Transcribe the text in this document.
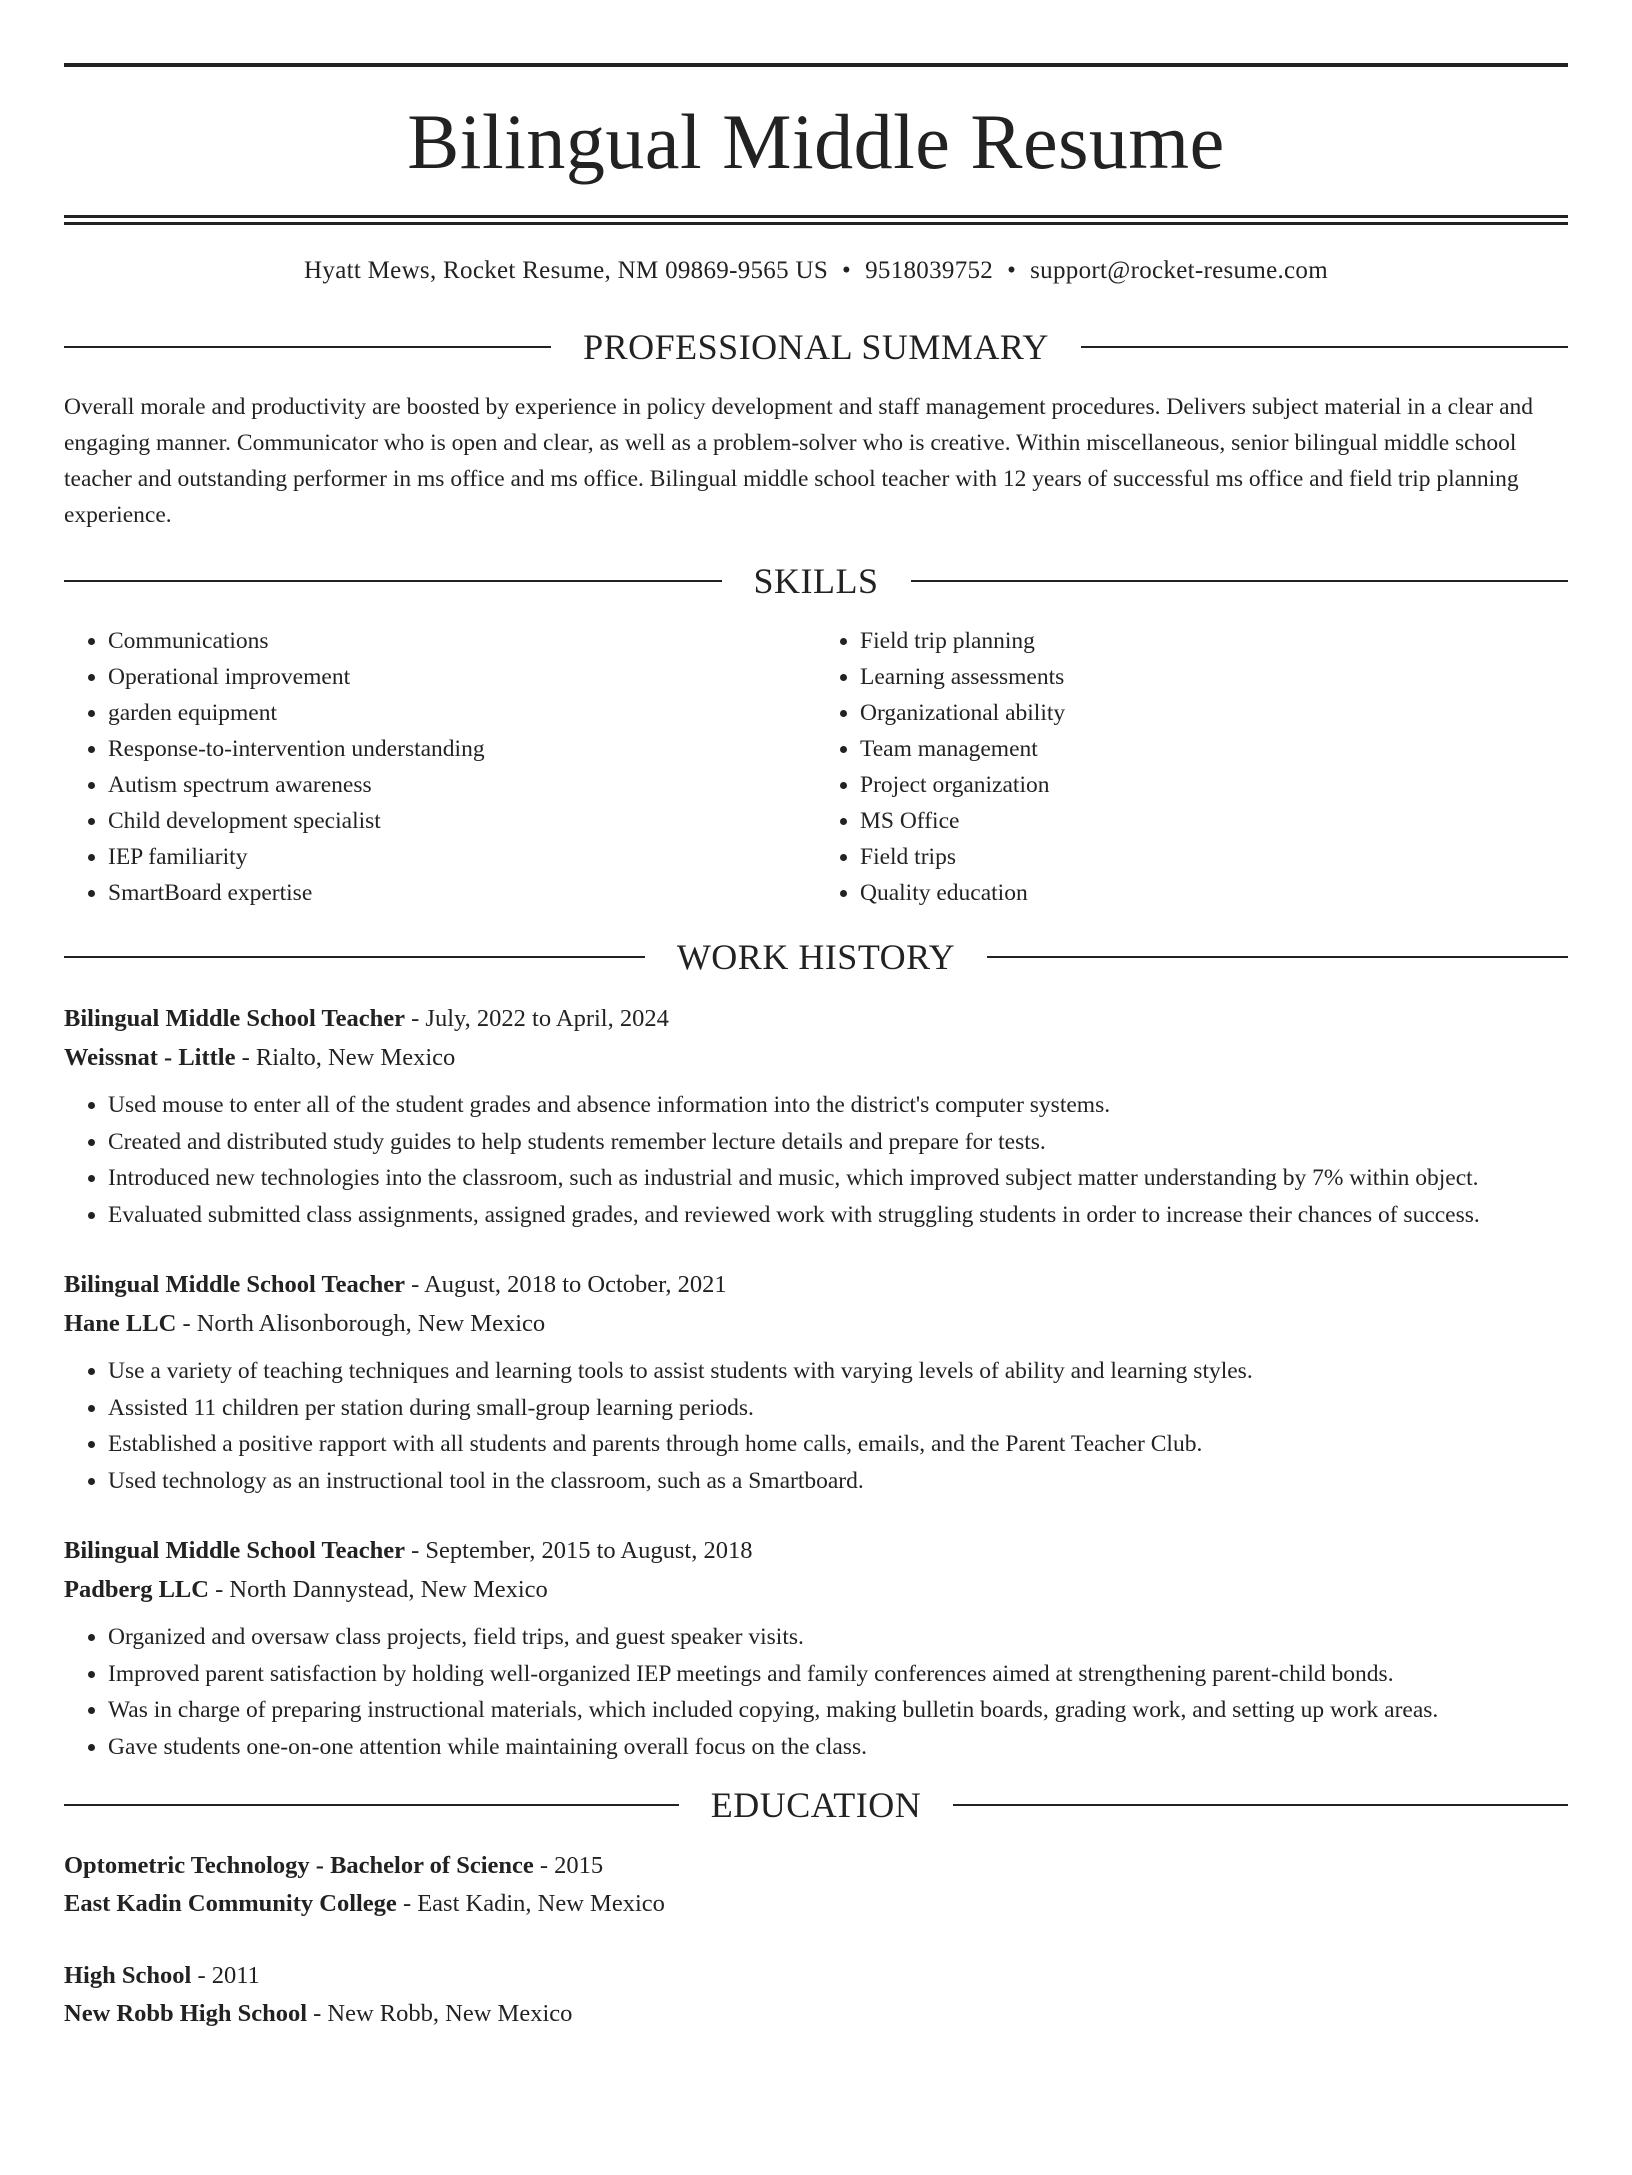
Bilingual Middle Resume
Hyatt Mews, Rocket Resume, NM 09869-9565 US • 9518039752 • support@rocket-resume.com
PROFESSIONAL SUMMARY
Overall morale and productivity are boosted by experience in policy development and staff management procedures. Delivers subject material in a clear and engaging manner. Communicator who is open and clear, as well as a problem-solver who is creative. Within miscellaneous, senior bilingual middle school teacher and outstanding performer in ms office and ms office. Bilingual middle school teacher with 12 years of successful ms office and field trip planning experience.
SKILLS
• Communications
• Operational improvement
• garden equipment
• Response-to-intervention understanding
• Autism spectrum awareness
• Child development specialist
• IEP familiarity
• SmartBoard expertise
• Field trip planning
• Learning assessments
• Organizational ability
• Team management
• Project organization
• MS Office
• Field trips
• Quality education
WORK HISTORY
Bilingual Middle School Teacher - July, 2022 to April, 2024
Weissnat - Little - Rialto, New Mexico
• Used mouse to enter all of the student grades and absence information into the district's computer systems.
• Created and distributed study guides to help students remember lecture details and prepare for tests.
• Introduced new technologies into the classroom, such as industrial and music, which improved subject matter understanding by 7% within object.
• Evaluated submitted class assignments, assigned grades, and reviewed work with struggling students in order to increase their chances of success.
Bilingual Middle School Teacher - August, 2018 to October, 2021
Hane LLC - North Alisonborough, New Mexico
• Use a variety of teaching techniques and learning tools to assist students with varying levels of ability and learning styles.
• Assisted 11 children per station during small-group learning periods.
• Established a positive rapport with all students and parents through home calls, emails, and the Parent Teacher Club.
• Used technology as an instructional tool in the classroom, such as a Smartboard.
Bilingual Middle School Teacher - September, 2015 to August, 2018
Padberg LLC - North Dannystead, New Mexico
• Organized and oversaw class projects, field trips, and guest speaker visits.
• Improved parent satisfaction by holding well-organized IEP meetings and family conferences aimed at strengthening parent-child bonds.
• Was in charge of preparing instructional materials, which included copying, making bulletin boards, grading work, and setting up work areas.
• Gave students one-on-one attention while maintaining overall focus on the class.
EDUCATION
Optometric Technology - Bachelor of Science - 2015
East Kadin Community College - East Kadin, New Mexico
High School - 2011
New Robb High School - New Robb, New Mexico
